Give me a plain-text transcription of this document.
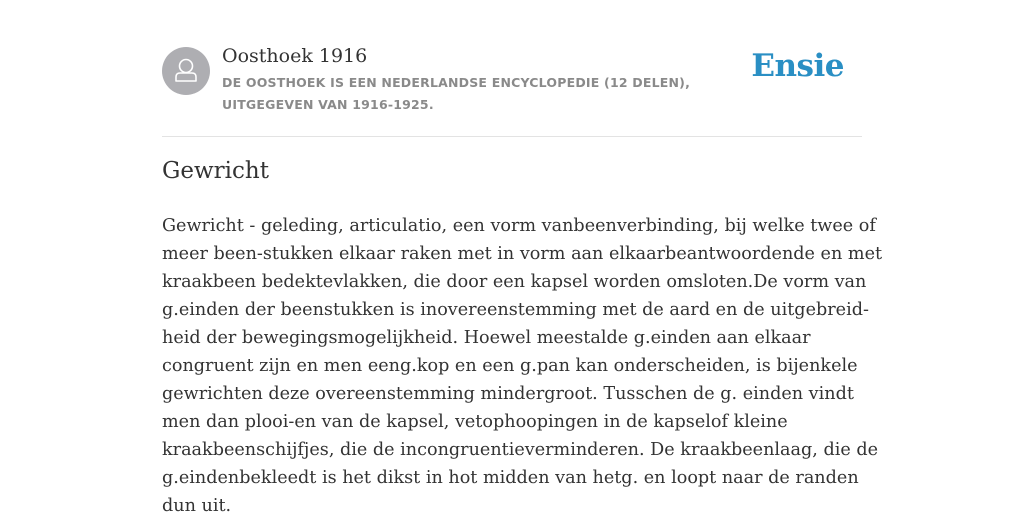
Oosthoek 1916
DE OOSTHOEK IS EEN NEDERLANDSE ENCYCLOPEDIE (12 DELEN), UITGEGEVEN VAN 1916-1925.
Ensie
Gewricht
Gewricht - geleding, articulatio, een vorm vanbeenverbinding, bij welke twee of
meer been-stukken elkaar raken met in vorm aan elkaarbeantwoordende en met
kraakbeen bedektevlakken, die door een kapsel worden omsloten.De vorm van
g.einden der beenstukken is inovereenstemming met de aard en de uitgebreid-
heid der bewegingsmogelijkheid. Hoewel meestalde g.einden aan elkaar
congruent zijn en men eeng.kop en een g.pan kan onderscheiden, is bijenkele
gewrichten deze overeenstemming mindergroot. Tusschen de g. einden vindt
men dan plooi-en van de kapsel, vetophoopingen in de kapselof kleine
kraakbeenschijfjes, die de incongruentieverminderen. De kraakbeenlaag, die de
g.eindenbekleedt is het dikst in hot midden van hetg. en loopt naar de randen
dun uit.
